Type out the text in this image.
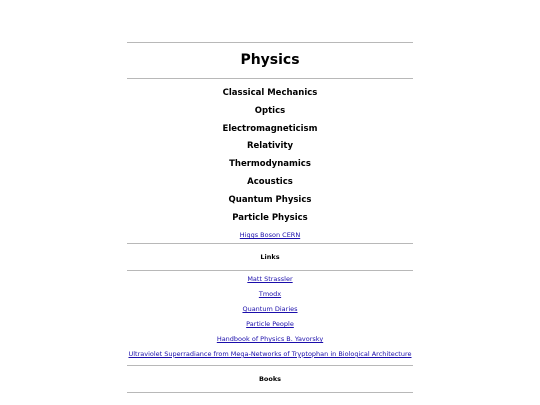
Physics
Classical Mechanics
Optics
Electromagneticism
Relativity
Thermodynamics
Acoustics
Quantum Physics
Particle Physics
Higgs Boson CERN
Links
Matt Strassler
Tmodx
Quantum Diaries
Particle People
Handbook of Physics B. Yavorsky
Ultraviolet Superradiance from Mega-Networks of Tryptophan in Biological Architecture
Books
